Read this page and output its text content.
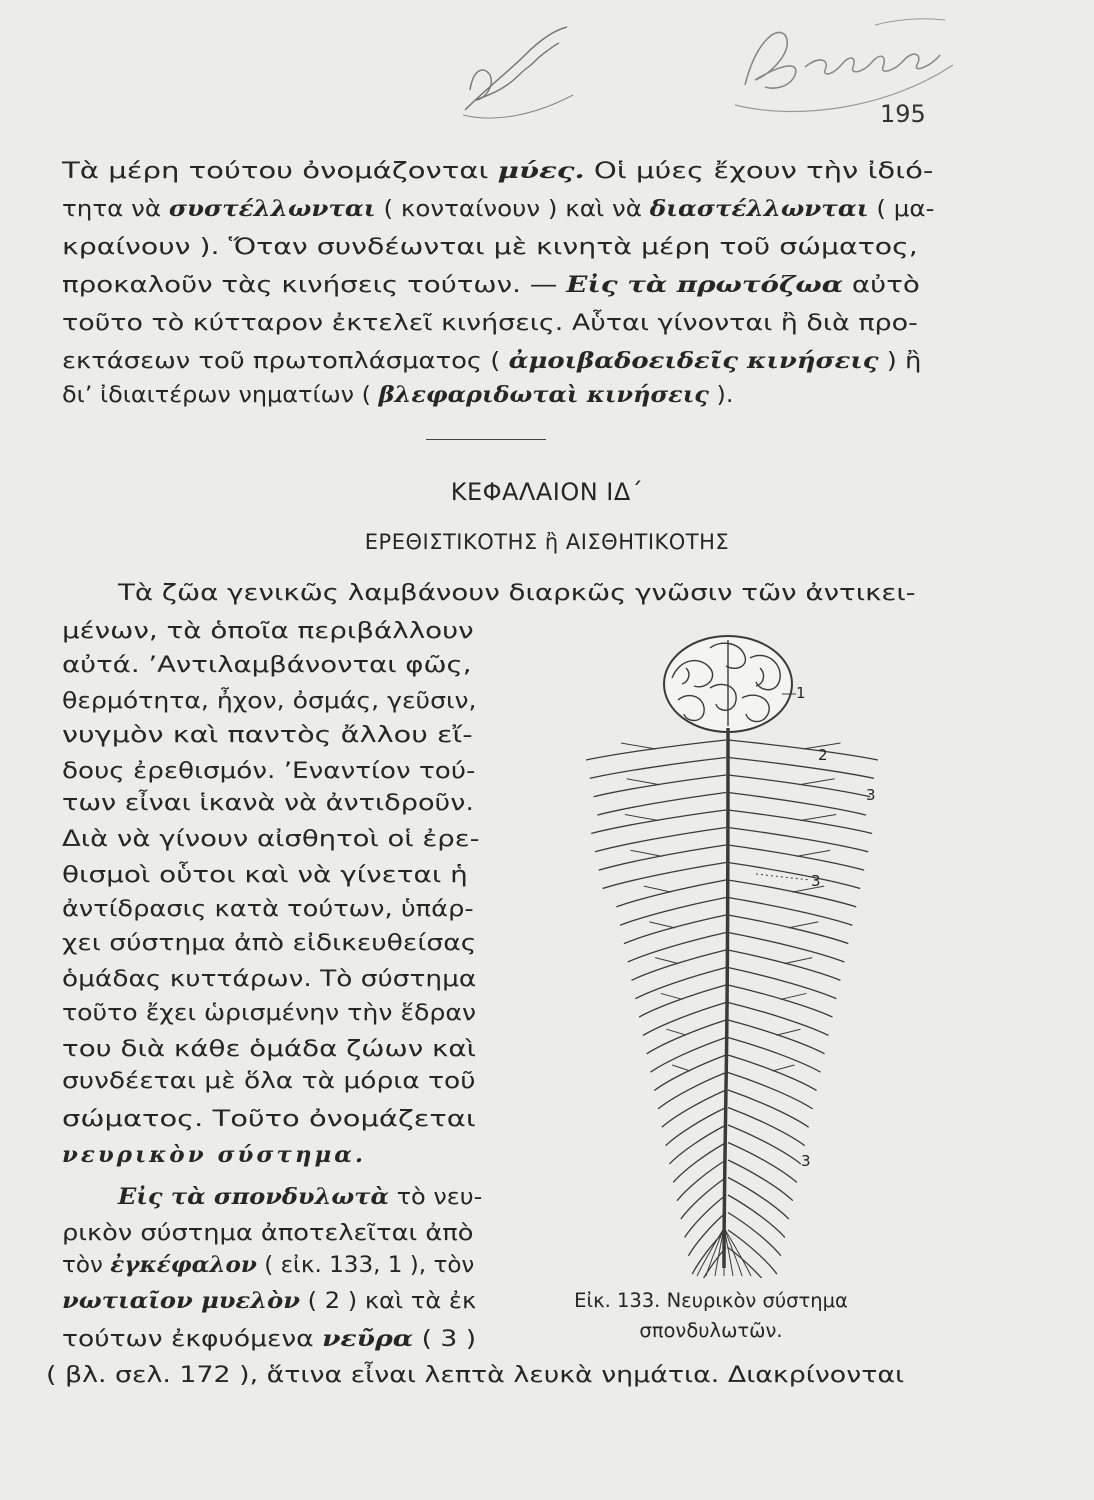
195
Τὰ μέρη τούτου ὀνομάζονται μύες. Οἱ μύες ἔχουν τὴν ἰδιό-
τητα νὰ συστέλλωνται ( κονταίνουν ) καὶ νὰ διαστέλλωνται ( μα-
κραίνουν ). Ὅταν συνδέωνται μὲ κινητὰ μέρη τοῦ σώματος,
προκαλοῦν τὰς κινήσεις τούτων. — Εἰς τὰ πρωτόζωα αὐτὸ
τοῦτο τὸ κύτταρον ἐκτελεῖ κινήσεις. Αὗται γίνονται ἢ διὰ προ-
εκτάσεων τοῦ πρωτοπλάσματος ( ἀμοιβαδοειδεῖς κινήσεις ) ἢ
δι’ ἰδιαιτέρων νηματίων ( βλεφαριδωταὶ κινήσεις ).
ΚΕΦΑΛΑΙΟΝ ΙΔ΄
ΕΡΕΘΙΣΤΙΚΟΤΗΣ ἢ ΑΙΣΘΗΤΙΚΟΤΗΣ
Τὰ ζῶα γενικῶς λαμβάνουν διαρκῶς γνῶσιν τῶν ἀντικει-
μένων, τὰ ὁποῖα περιβάλλουν
αὐτά. ’Αντιλαμβάνονται φῶς,
θερμότητα, ἦχον, ὀσμάς, γεῦσιν,
νυγμὸν καὶ παντὸς ἄλλου εἴ-
δους ἐρεθισμόν. ’Εναντίον τού-
των εἶναι ἱκανὰ νὰ ἀντιδροῦν.
Διὰ νὰ γίνουν αἰσθητοὶ οἱ ἐρε-
θισμοὶ οὗτοι καὶ νὰ γίνεται ἡ
ἀντίδρασις κατὰ τούτων, ὑπάρ-
χει σύστημα ἀπὸ εἰδικευθείσας
ὁμάδας κυττάρων. Τὸ σύστημα
τοῦτο ἔχει ὡρισμένην τὴν ἕδραν
του διὰ κάθε ὁμάδα ζώων καὶ
συνδέεται μὲ ὅλα τὰ μόρια τοῦ
σώματος. Τοῦτο ὀνομάζεται
νευρικὸν σύστημα.
Εἰς τὰ σπονδυλωτὰ τὸ νευ-
ρικὸν σύστημα ἀποτελεῖται ἀπὸ
τὸν ἐγκέφαλον ( εἰκ. 133, 1 ), τὸν
νωτιαῖον μυελὸν ( 2 ) καὶ τὰ ἐκ
τούτων ἐκφυόμενα νεῦρα ( 3 )
( βλ. σελ. 172 ), ἅτινα εἶναι λεπτὰ λευκὰ νημάτια. Διακρίνονται
1
2
3
3
3
Εἰκ. 133. Νευρικὸν σύστημα
σπονδυλωτῶν.
